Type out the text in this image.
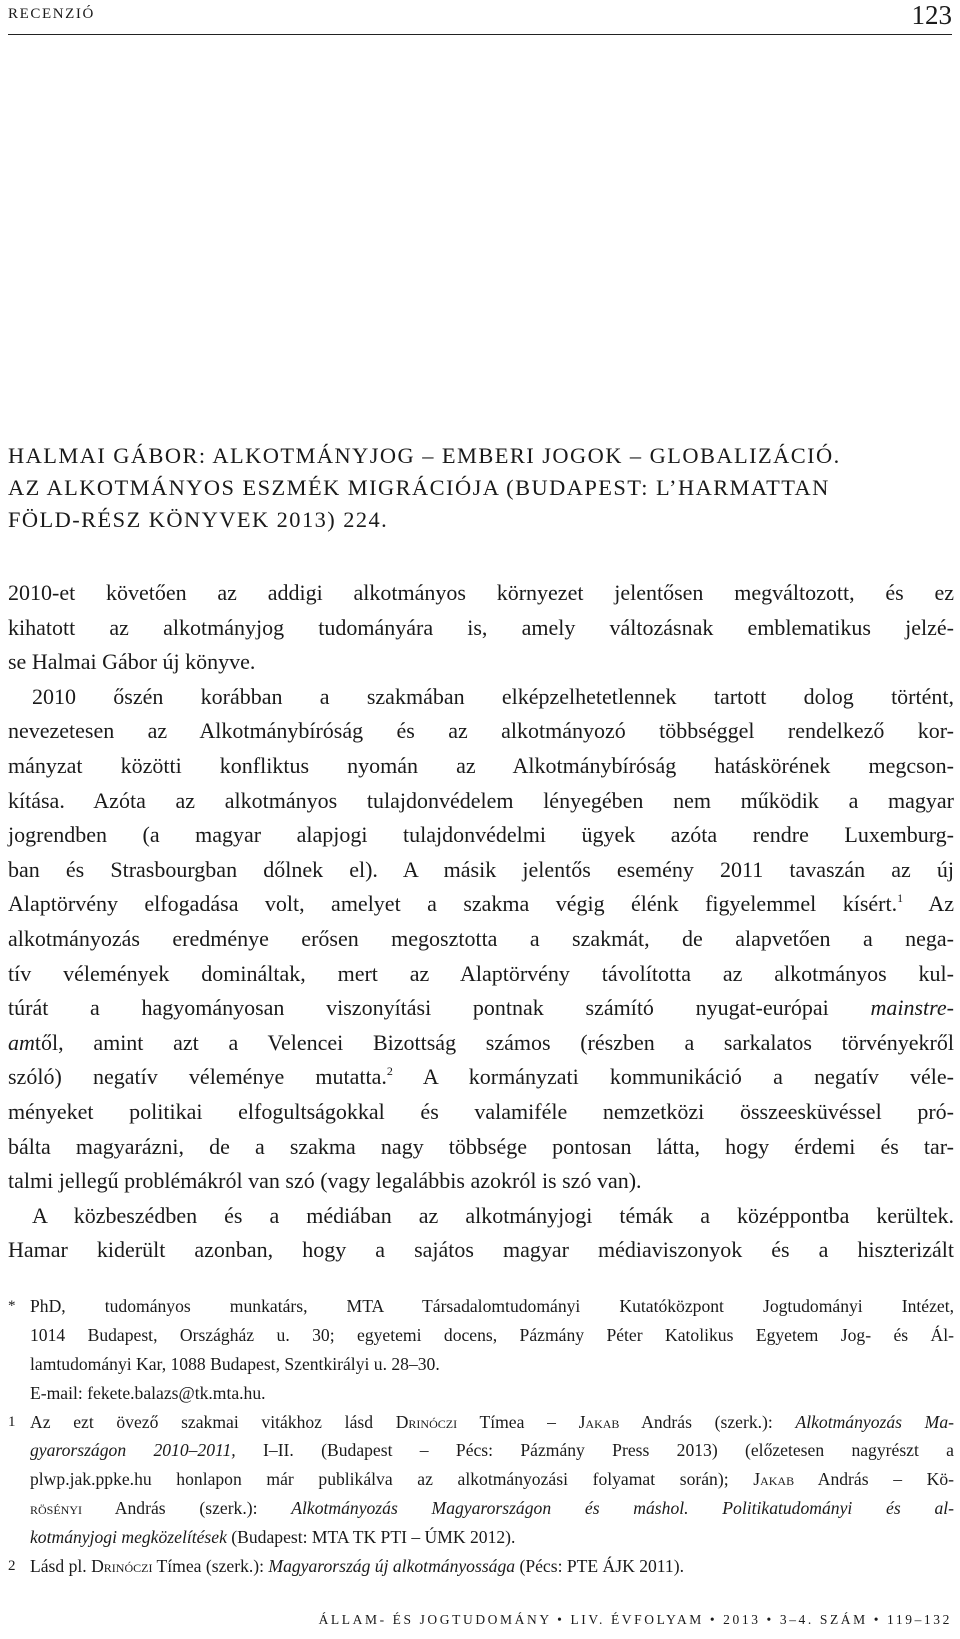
RECENZIÓ	123
HALMAI GÁBOR: ALKOTMÁNYJOG – EMBERI JOGOK – GLOBALIZÁCIÓ.
AZ ALKOTMÁNYOS ESZMÉK MIGRÁCIÓJA (BUDAPEST: L’HARMATTAN
FÖLD-RÉSZ KÖNYVEK 2013) 224.
2010-et követően az addigi alkotmányos környezet jelentősen megváltozott, és ez
kihatott az alkotmányjog tudományára is, amely változásnak emblematikus jelzé-
se Halmai Gábor új könyve.
2010 őszén korábban a szakmában elképzelhetetlennek tartott dolog történt,
nevezetesen az Alkotmánybíróság és az alkotmányozó többséggel rendelkező kor-
mányzat közötti konfliktus nyomán az Alkotmánybíróság hatáskörének megcson-
kítása. Azóta az alkotmányos tulajdonvédelem lényegében nem működik a magyar
jogrendben (a magyar alapjogi tulajdonvédelmi ügyek azóta rendre Luxemburg-
ban és Strasbourgban dőlnek el). A másik jelentős esemény 2011 tavaszán az új
Alaptörvény elfogadása volt, amelyet a szakma végig élénk figyelemmel kísért.$^1$ Az
alkotmányozás eredménye erősen megosztotta a szakmát, de alapvetően a nega-
tív vélemények domináltak, mert az Alaptörvény távolította az alkotmányos kul-
túrát a hagyományosan viszonyítási pontnak számító nyugat-európai mainstre-
amtől, amint azt a Velencei Bizottság számos (részben a sarkalatos törvényekről
szóló) negatív véleménye mutatta.$^2$ A kormányzati kommunikáció a negatív véle-
ményeket politikai elfogultságokkal és valamiféle nemzetközi összeesküvéssel pró-
bálta magyarázni, de a szakma nagy többsége pontosan látta, hogy érdemi és tar-
talmi jellegű problémákról van szó (vagy legalábbis azokról is szó van).
A közbeszédben és a médiában az alkotmányjogi témák a középpontba kerültek.
Hamar kiderült azonban, hogy a sajátos magyar médiaviszonyok és a hiszterizált
* PhD, tudományos munkatárs, MTA Társadalomtudományi Kutatóközpont Jogtudományi Intézet,
1014 Budapest, Országház u. 30; egyetemi docens, Pázmány Péter Katolikus Egyetem Jog- és Ál-
lamtudományi Kar, 1088 Budapest, Szentkirályi u. 28–30.
E-mail: fekete.balazs@tk.mta.hu.
1 Az ezt övező szakmai vitákhoz lásd Drinóczi Tímea – Jakab András (szerk.): Alkotmányozás Ma-
gyarországon 2010–2011, I–II. (Budapest – Pécs: Pázmány Press 2013) (előzetesen nagyrészt a
plwp.jak.ppke.hu honlapon már publikálva az alkotmányozási folyamat során); Jakab András – Kö-
rösényi András (szerk.): Alkotmányozás Magyarországon és máshol. Politikatudományi és al-
kotmányjogi megközelítések (Budapest: MTA TK PTI – ÚMK 2012).
2 Lásd pl. Drinóczi Tímea (szerk.): Magyarország új alkotmányossága (Pécs: PTE ÁJK 2011).
ÁLLAM- ÉS JOGTUDOMÁNY • LIV. ÉVFOLYAM • 2013 • 3–4. SZÁM • 119–132
